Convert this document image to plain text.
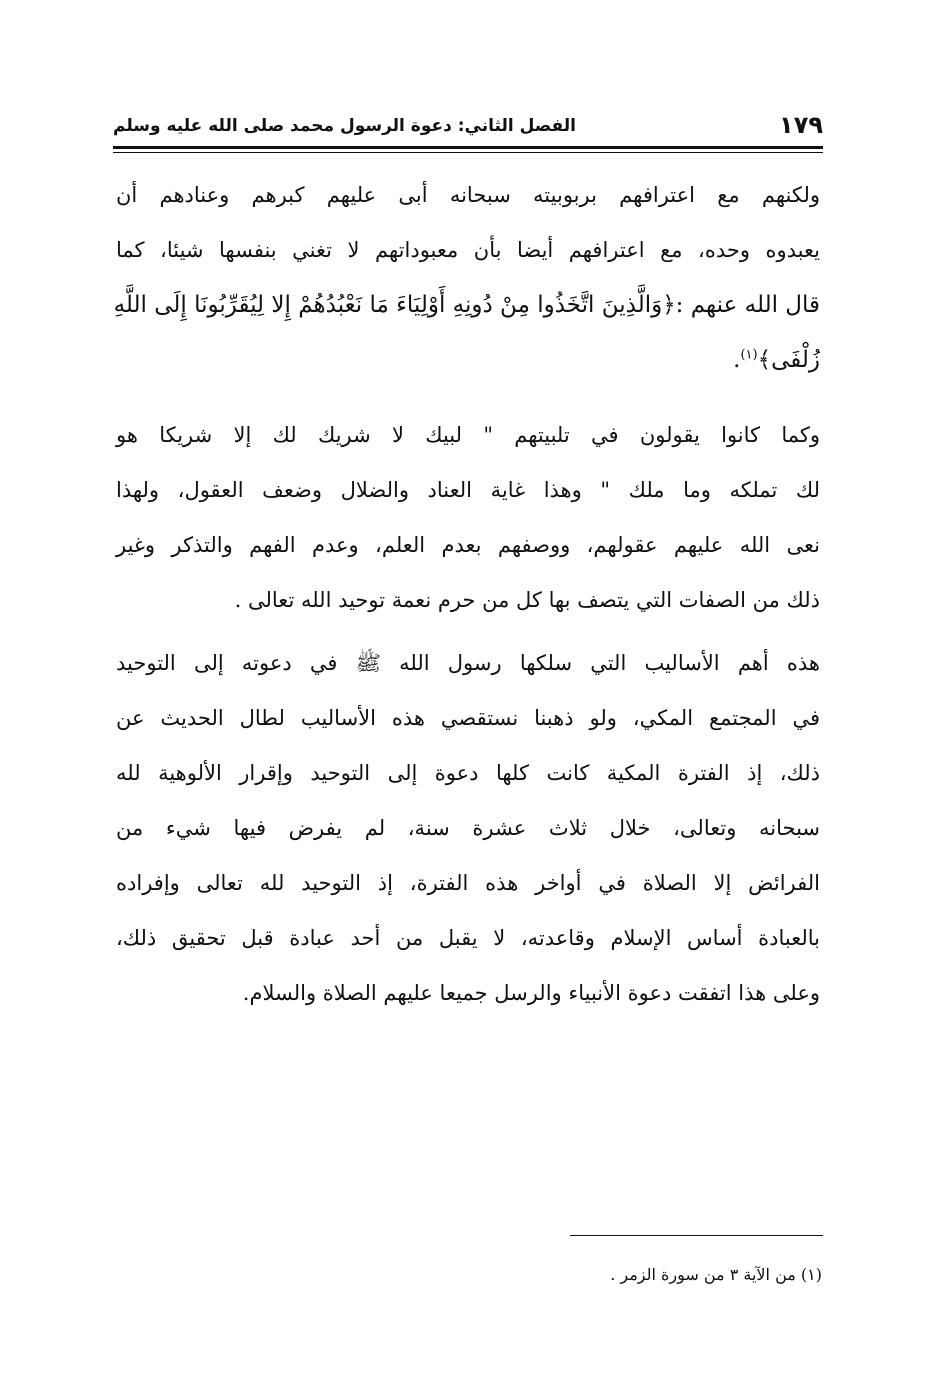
١٧٩
الفصل الثاني: دعوة الرسول محمد صلى الله عليه وسلم
ولكنهم مع اعترافهم بربوبيته سبحانه أبى عليهم كبرهم وعنادهم أن
يعبدوه وحده، مع اعترافهم أيضا بأن معبوداتهم لا تغني بنفسها شيئا، كما
قال الله عنهم :﴿وَالَّذِينَ اتَّخَذُوا مِنْ دُونِهِ أَوْلِيَاءَ مَا نَعْبُدُهُمْ إِلا لِيُقَرِّبُونَا إِلَى اللَّهِ
زُلْفَى﴾$^{(١)}$.
وكما كانوا يقولون في تلبيتهم " لبيك لا شريك لك إلا شريكا هو
لك تملكه وما ملك " وهذا غاية العناد والضلال وضعف العقول، ولهذا
نعى الله عليهم عقولهم، ووصفهم بعدم العلم، وعدم الفهم والتذكر وغير
ذلك من الصفات التي يتصف بها كل من حرم نعمة توحيد الله تعالى .
هذه أهم الأساليب التي سلكها رسول الله ﷺ في دعوته إلى التوحيد
في المجتمع المكي، ولو ذهبنا نستقصي هذه الأساليب لطال الحديث عن
ذلك، إذ الفترة المكية كانت كلها دعوة إلى التوحيد وإقرار الألوهية لله
سبحانه وتعالى، خلال ثلاث عشرة سنة، لم يفرض فيها شيء من
الفرائض إلا الصلاة في أواخر هذه الفترة، إذ التوحيد لله تعالى وإفراده
بالعبادة أساس الإسلام وقاعدته، لا يقبل من أحد عبادة قبل تحقيق ذلك،
وعلى هذا اتفقت دعوة الأنبياء والرسل جميعا عليهم الصلاة والسلام.
(١) من الآية ٣ من سورة الزمر .
